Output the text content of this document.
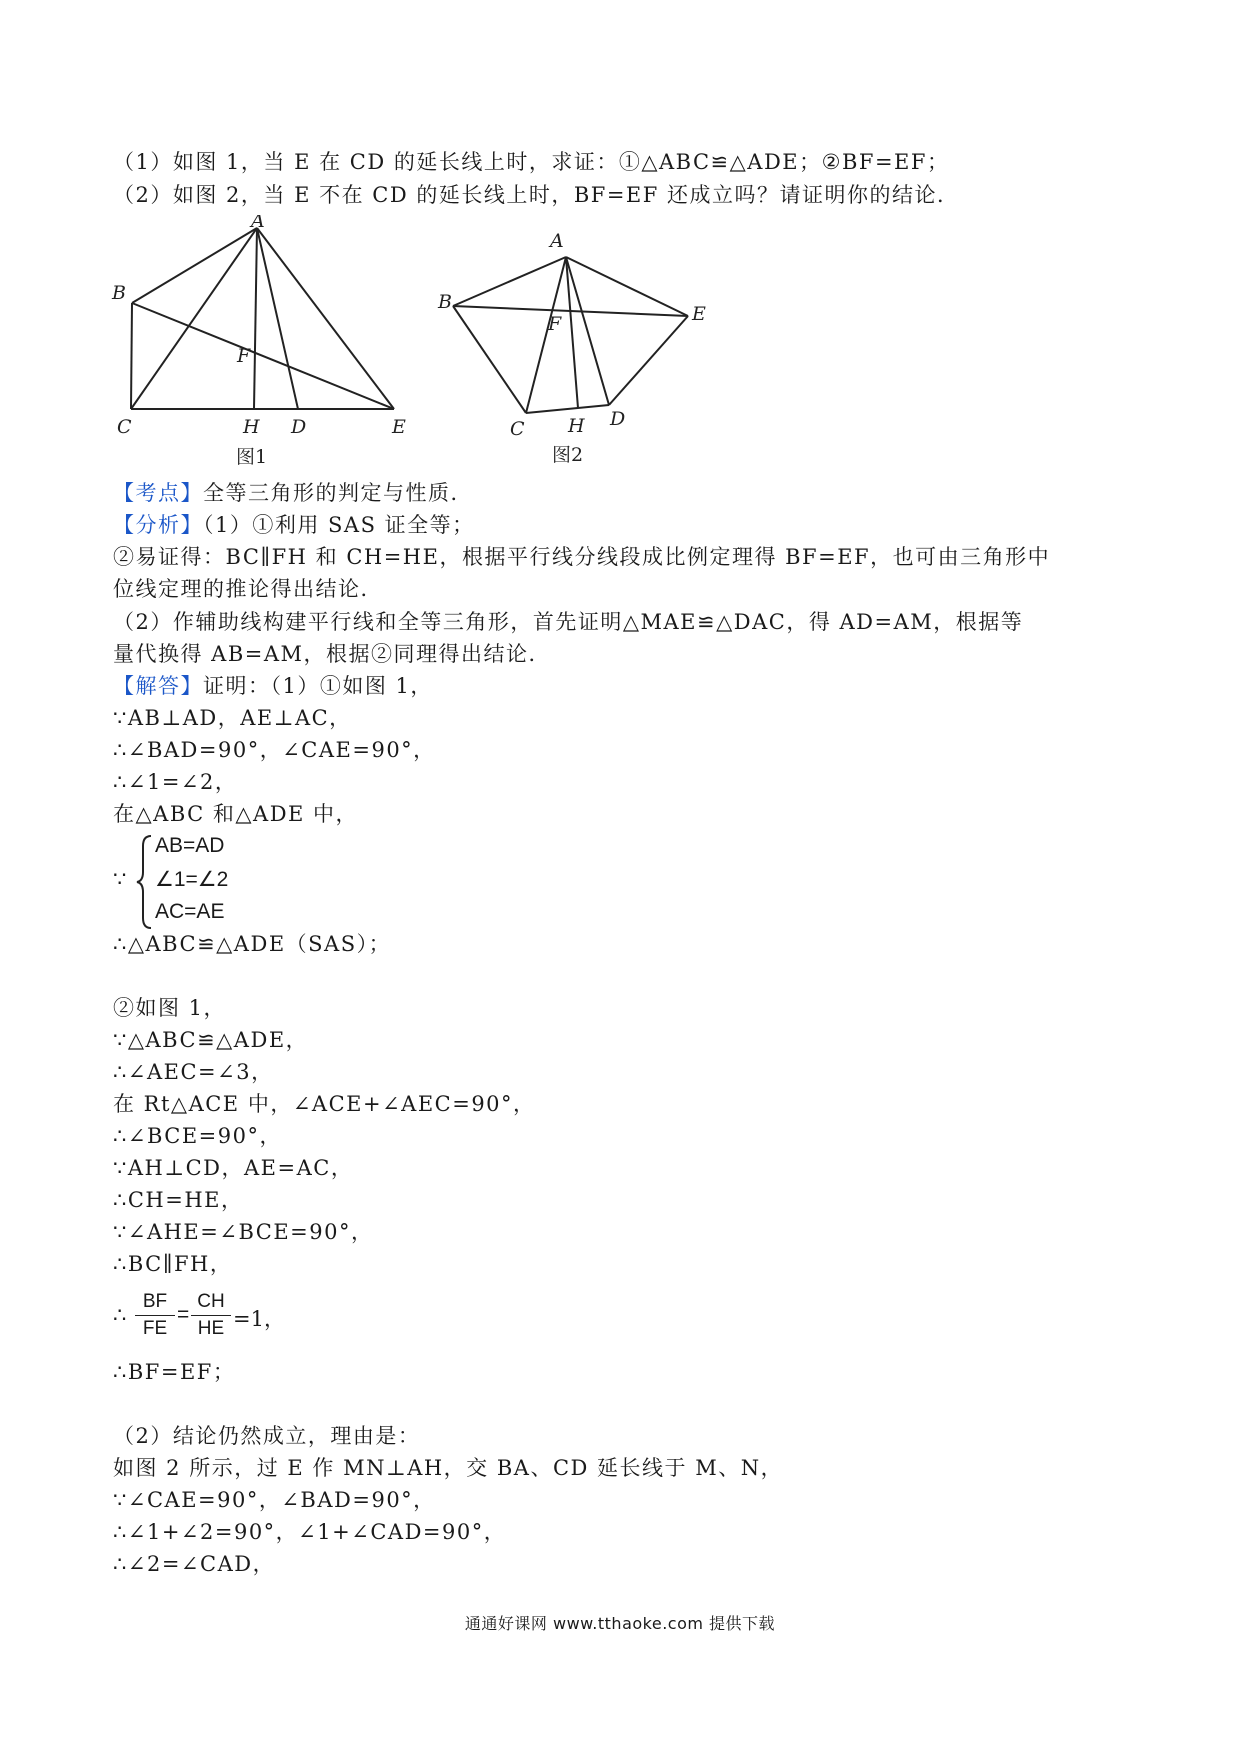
（1）如图 1，当 E 在 CD 的延长线上时，求证：①△ABC≌△ADE；②BF=EF；
（2）如图 2，当 E 不在 CD 的延长线上时，BF=EF 还成立吗？请证明你的结论．
A
B
C	H D	E
F
图1
A
B
E
F
C H D
图2
【考点】全等三角形的判定与性质．
【分析】（1）①利用 SAS 证全等；
②易证得：BC∥FH 和 CH=HE，根据平行线分线段成比例定理得 BF=EF，也可由三角形中
位线定理的推论得出结论．
（2）作辅助线构建平行线和全等三角形，首先证明△MAE≌△DAC，得 AD=AM，根据等
量代换得 AB=AM，根据②同理得出结论．
【解答】证明：（1）①如图 1，
∵AB⊥AD，AE⊥AC，
∴∠BAD=90°，∠CAE=90°，
∴∠1=∠2，
在△ABC 和△ADE 中，
∵
AB=AD
∠1=∠2
AC=AE
∴△ABC≌△ADE（SAS）；
②如图 1，
∵△ABC≌△ADE，
∴∠AEC=∠3，
在 Rt△ACE 中，∠ACE+∠AEC=90°，
∴∠BCE=90°，
∵AH⊥CD，AE=AC，
∴CH=HE，
∵∠AHE=∠BCE=90°，
∴BC∥FH，
∴
BF
FE
=
CH
HE =1，
∴BF=EF；
（2）结论仍然成立，理由是：
如图 2 所示，过 E 作 MN⊥AH，交 BA、CD 延长线于 M、N，
∵∠CAE=90°，∠BAD=90°，
∴∠1+∠2=90°，∠1+∠CAD=90°，
∴∠2=∠CAD，
通通好课网 www.tthaoke.com 提供下载
